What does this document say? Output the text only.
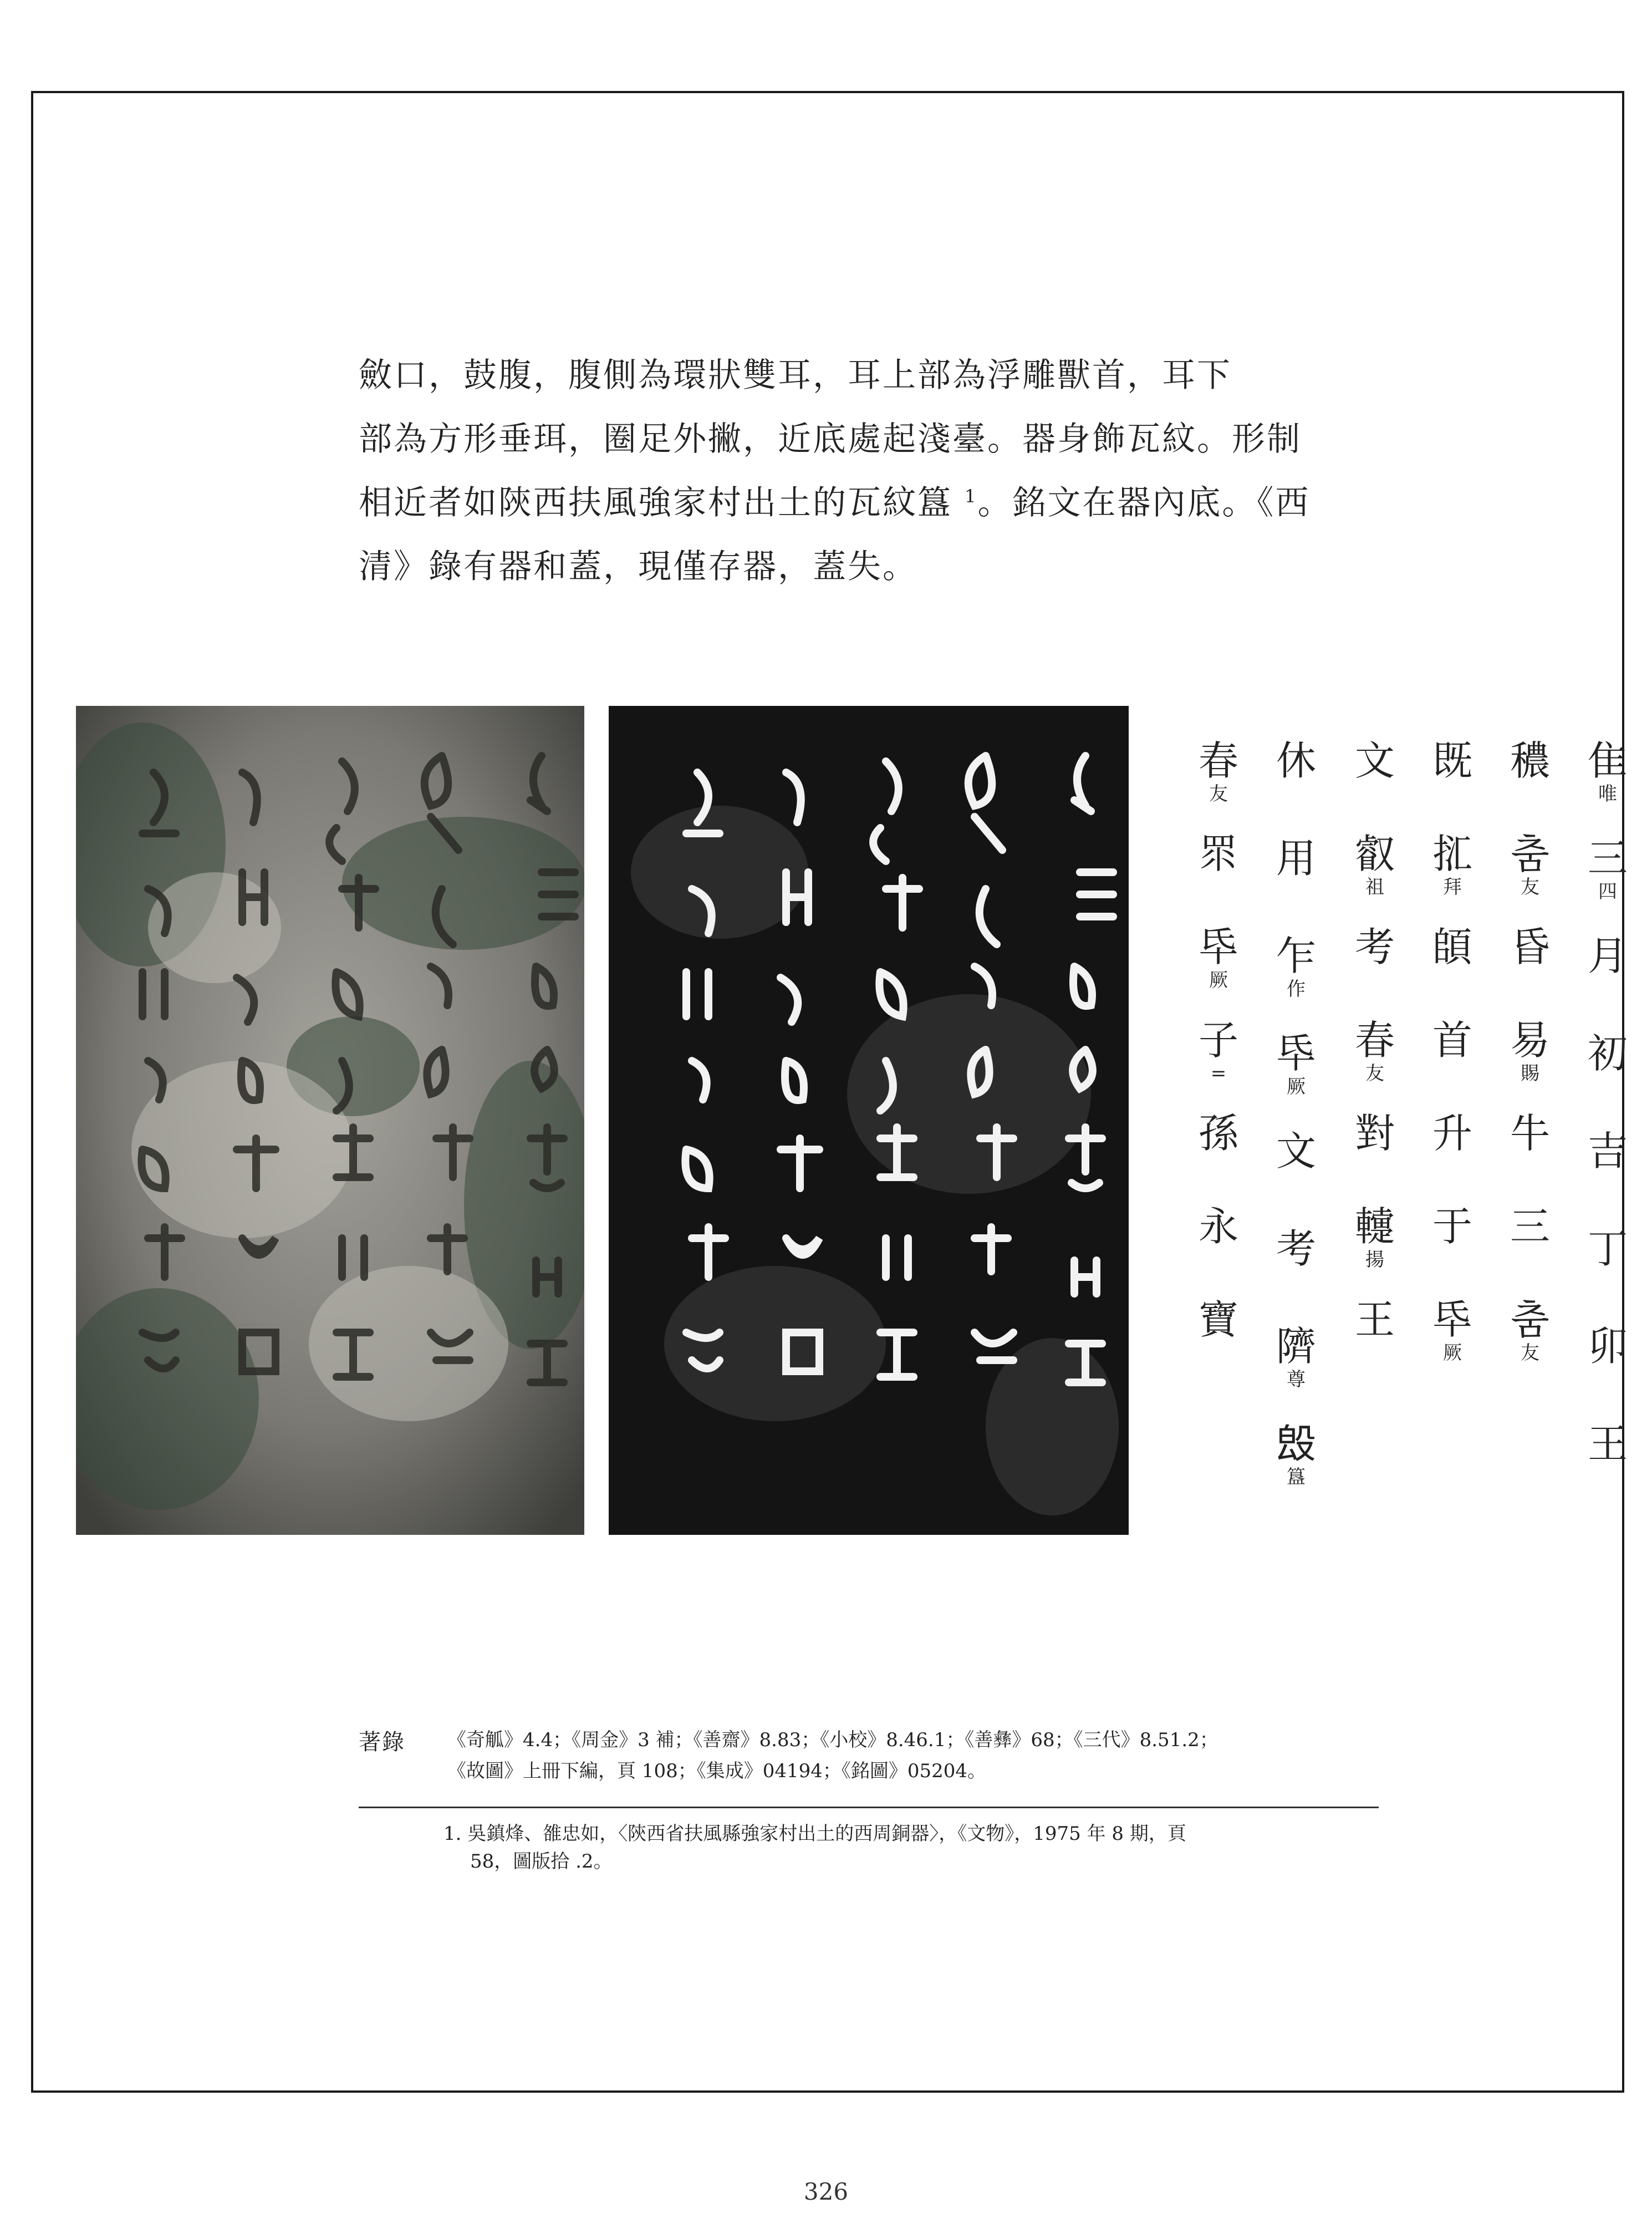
斂口，鼓腹，腹側為環狀雙耳，耳上部為浮雕獸首，耳下
部為方形垂珥，圈足外撇，近底處起淺臺。器身飾瓦紋。形制
相近者如陝西扶風強家村出土的瓦紋簋 $^1$。銘文在器內底。《西
清》錄有器和蓋，現僅存器，蓋失。

隹
唯
三
四
月
初
吉
丁
卯
王
穠
춤
友
昏
易
賜
牛
三
춤
友
既
㧟
拜
頧
首
升
于
氒
厥
文
叡
祖
考
春
友
對
䡹
揚
王
休
用
乍
作
氒
厥
文
考
隮
尊
𣪕
簋
春
友
眔
氒
厥
子
=
孫
永
寶
著錄 《奇觚》4.4；《周金》3 補；《善齋》8.83；《小校》8.46.1；《善彝》68；《三代》8.51.2；
《故圖》上冊下編，頁 108；《集成》04194；《銘圖》05204。
1. 吳鎮烽、雒忠如，〈陝西省扶風縣強家村出土的西周銅器〉，《文物》，1975 年 8 期，頁
58，圖版拾 .2。
326
